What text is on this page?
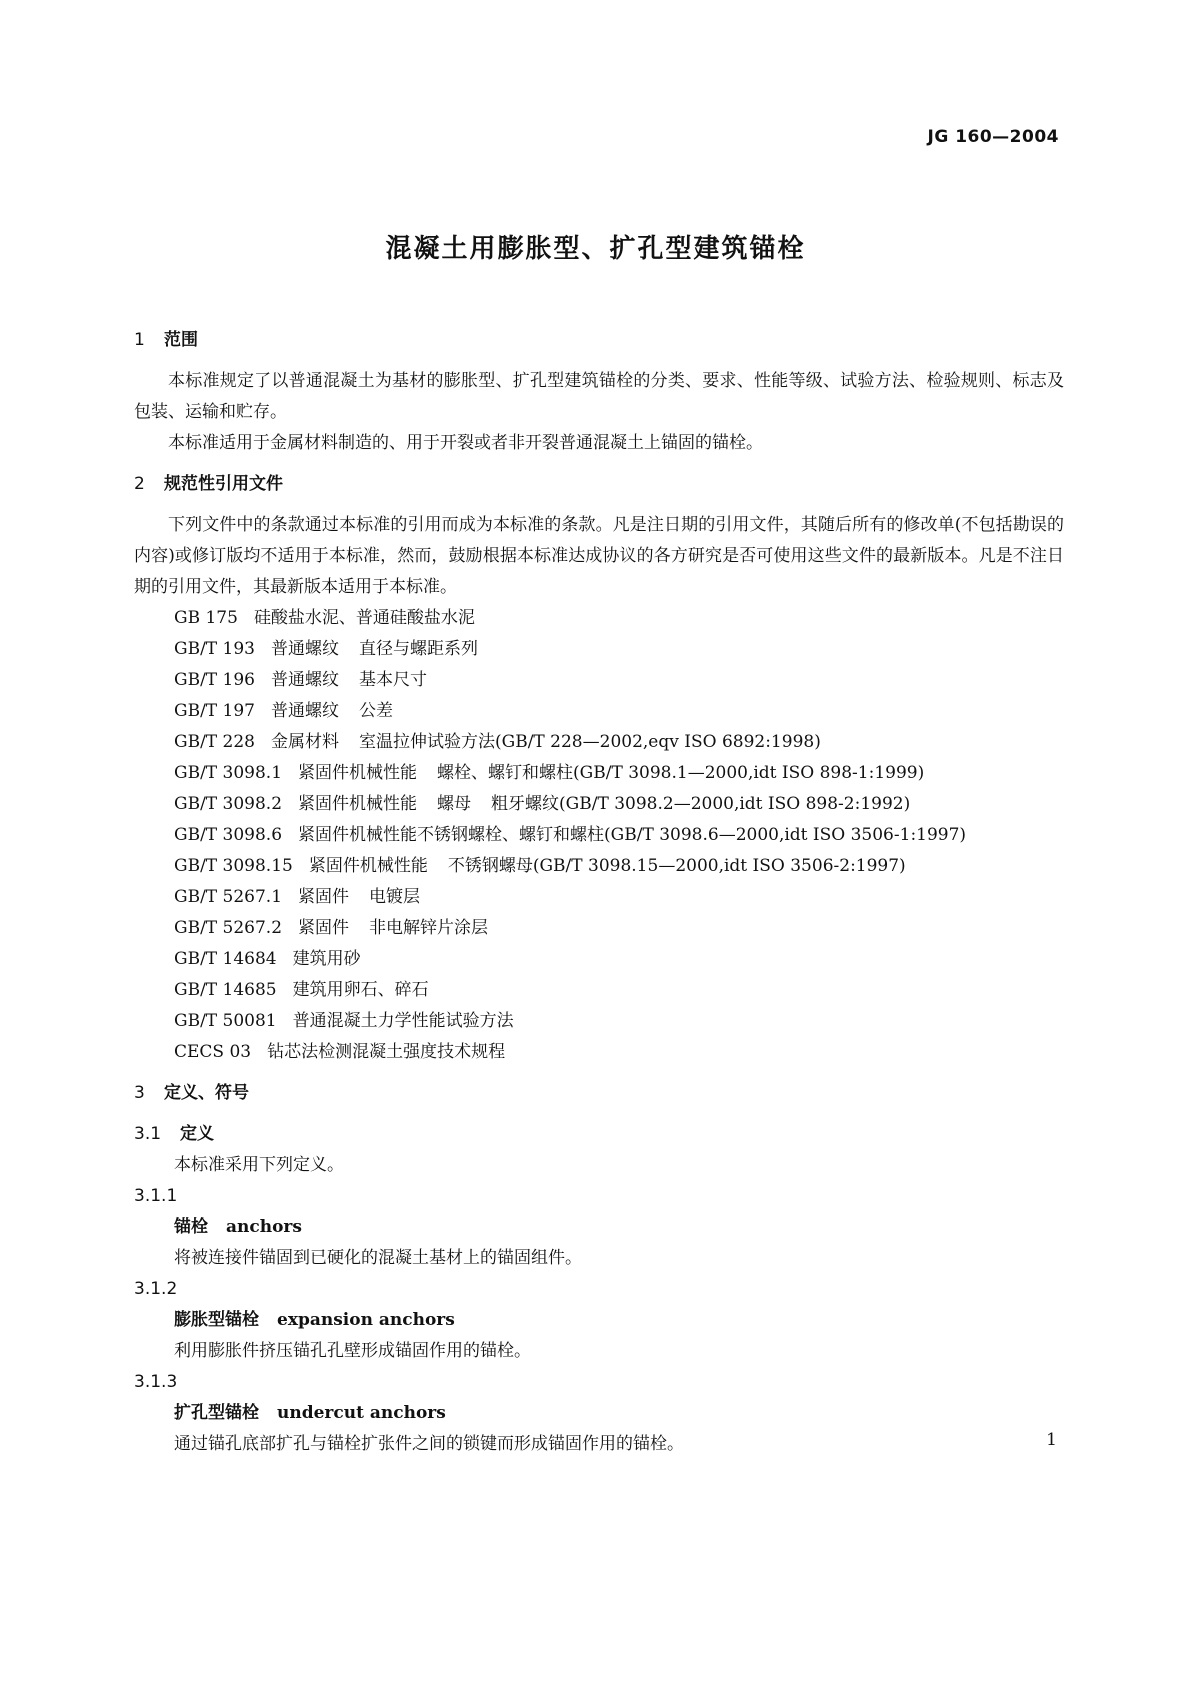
JG 160—2004
混凝土用膨胀型、扩孔型建筑锚栓
1 范围
本标准规定了以普通混凝土为基材的膨胀型、扩孔型建筑锚栓的分类、要求、性能等级、试验方法、检验规则、标志及包装、运输和贮存。
本标准适用于金属材料制造的、用于开裂或者非开裂普通混凝土上锚固的锚栓。
2 规范性引用文件
下列文件中的条款通过本标准的引用而成为本标准的条款。凡是注日期的引用文件，其随后所有的修改单(不包括勘误的内容)或修订版均不适用于本标准，然而，鼓励根据本标准达成协议的各方研究是否可使用这些文件的最新版本。凡是不注日期的引用文件，其最新版本适用于本标准。
GB 175 硅酸盐水泥、普通硅酸盐水泥
GB/T 193 普通螺纹 直径与螺距系列
GB/T 196 普通螺纹 基本尺寸
GB/T 197 普通螺纹 公差
GB/T 228 金属材料 室温拉伸试验方法(GB/T 228—2002,eqv ISO 6892:1998)
GB/T 3098.1 紧固件机械性能 螺栓、螺钉和螺柱(GB/T 3098.1—2000,idt ISO 898-1:1999)
GB/T 3098.2 紧固件机械性能 螺母 粗牙螺纹(GB/T 3098.2—2000,idt ISO 898-2:1992)
GB/T 3098.6 紧固件机械性能不锈钢螺栓、螺钉和螺柱(GB/T 3098.6—2000,idt ISO 3506-1:1997)
GB/T 3098.15 紧固件机械性能 不锈钢螺母(GB/T 3098.15—2000,idt ISO 3506-2:1997)
GB/T 5267.1 紧固件 电镀层
GB/T 5267.2 紧固件 非电解锌片涂层
GB/T 14684 建筑用砂
GB/T 14685 建筑用卵石、碎石
GB/T 50081 普通混凝土力学性能试验方法
CECS 03 钻芯法检测混凝土强度技术规程
3 定义、符号
3.1 定义
本标准采用下列定义。
3.1.1
锚栓 anchors
将被连接件锚固到已硬化的混凝土基材上的锚固组件。
3.1.2
膨胀型锚栓 expansion anchors
利用膨胀件挤压锚孔孔壁形成锚固作用的锚栓。
3.1.3
扩孔型锚栓 undercut anchors
通过锚孔底部扩孔与锚栓扩张件之间的锁键而形成锚固作用的锚栓。	1
